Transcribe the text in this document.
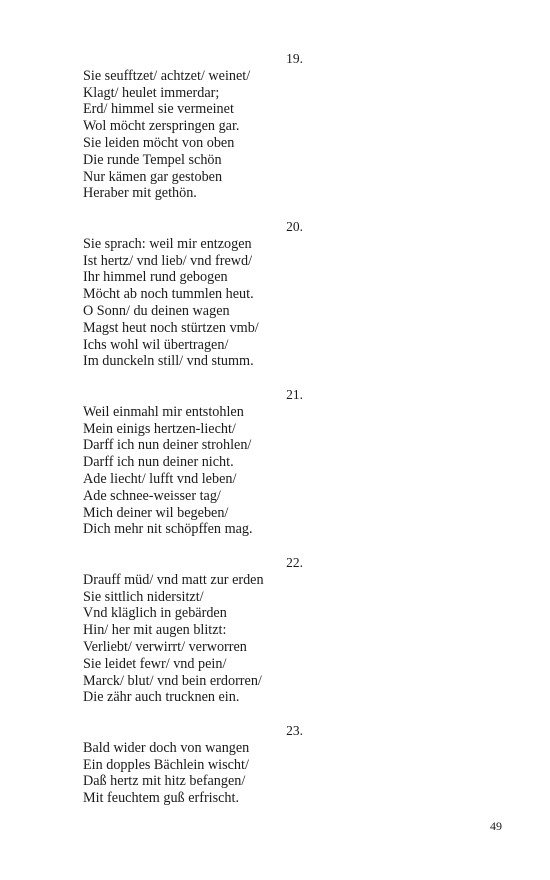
19.
Sie seufftzet/ achtzet/ weinet/
Klagt/ heulet immerdar;
Erd/ himmel sie vermeinet
Wol möcht zerspringen gar.
Sie leiden möcht von oben
Die runde Tempel schön
Nur kämen gar gestoben
Heraber mit gethön.
20.
Sie sprach: weil mir entzogen
Ist hertz/ vnd lieb/ vnd frewd/
Ihr himmel rund gebogen
Möcht ab noch tummlen heut.
O Sonn/ du deinen wagen
Magst heut noch stürtzen vmb/
Ichs wohl wil übertragen/
Im dunckeln still/ vnd stumm.
21.
Weil einmahl mir entstohlen
Mein einigs hertzen-liecht/
Darff ich nun deiner strohlen/
Darff ich nun deiner nicht.
Ade liecht/ lufft vnd leben/
Ade schnee-weisser tag/
Mich deiner wil begeben/
Dich mehr nit schöpffen mag.
22.
Drauff müd/ vnd matt zur erden
Sie sittlich nidersitzt/
Vnd kläglich in gebärden
Hin/ her mit augen blitzt:
Verliebt/ verwirrt/ verworren
Sie leidet fewr/ vnd pein/
Marck/ blut/ vnd bein erdorren/
Die zähr auch trucknen ein.
23.
Bald wider doch von wangen
Ein dopples Bächlein wischt/
Daß hertz mit hitz befangen/
Mit feuchtem guß erfrischt.
49
